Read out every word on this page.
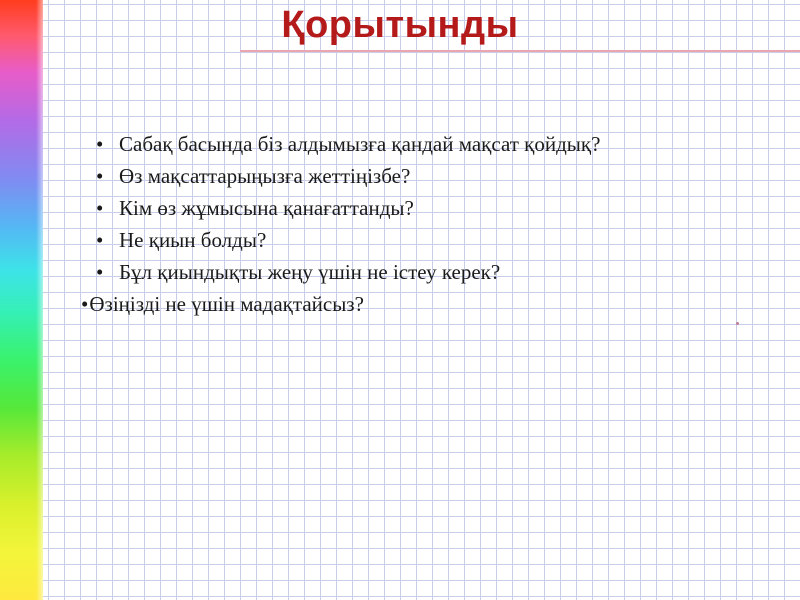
Қорытынды
• Сабақ басында біз алдымызға қандай мақсат қойдық?
• Өз мақсаттарыңызға жеттіңізбе?
• Кім өз жұмысына қанағаттанды?
• Не қиын болды?
• Бұл қиындықты жеңу үшін не істеу керек?
•Өзіңізді не үшін мадақтайсыз?
